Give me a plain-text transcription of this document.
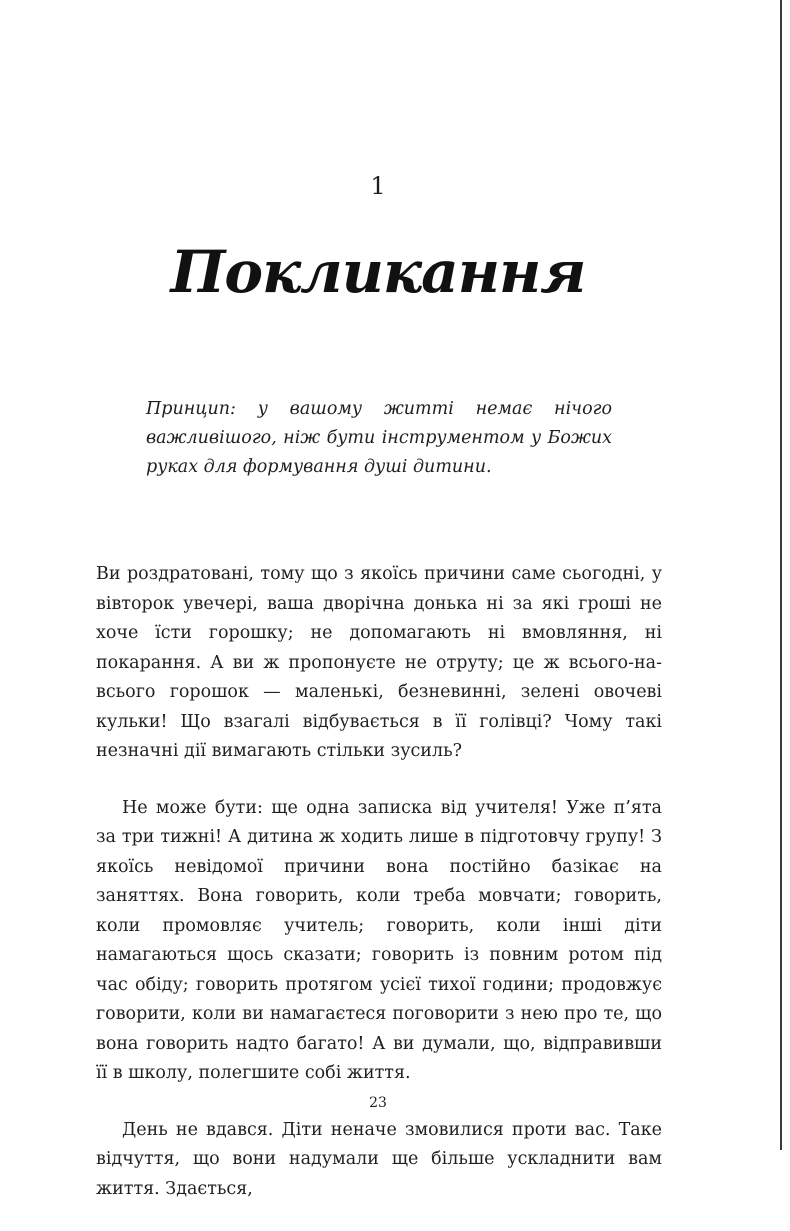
1
Покликання
Принцип: у вашому житті немає нічого важливішого, ніж бути інструментом у Божих руках для формування душі дитини.

Ви роздратовані, тому що з якоїсь причини саме сьогодні, у вівторок увечері, ваша дворічна донька ні за які гроші не хоче їсти горошку; не допомагають ні вмовляння, ні покарання. А ви ж пропонуєте не отруту; це ж всього-на-всього горошок — маленькі, безневинні, зелені овочеві кульки! Що взагалі відбувається в її голівці? Чому такі незначні дії вимагають стільки зусиль?

Не може бути: ще одна записка від учителя! Уже п’ята за три тижні! А дитина ж ходить лише в підготовчу групу! З якоїсь невідомої причини вона постійно базікає на заняттях. Вона говорить, коли треба мовчати; говорить, коли промовляє учитель; говорить, коли інші діти намагаються щось сказати; говорить із повним ротом під час обіду; говорить протягом усієї тихої години; продовжує говорити, коли ви намагаєтеся поговорити з нею про те, що вона говорить надто багато! А ви думали, що, відправивши її в школу, полегшите собі життя.

День не вдався. Діти неначе змовилися проти вас. Таке відчуття, що вони надумали ще більше ускладнити вам життя. Здається,

23
